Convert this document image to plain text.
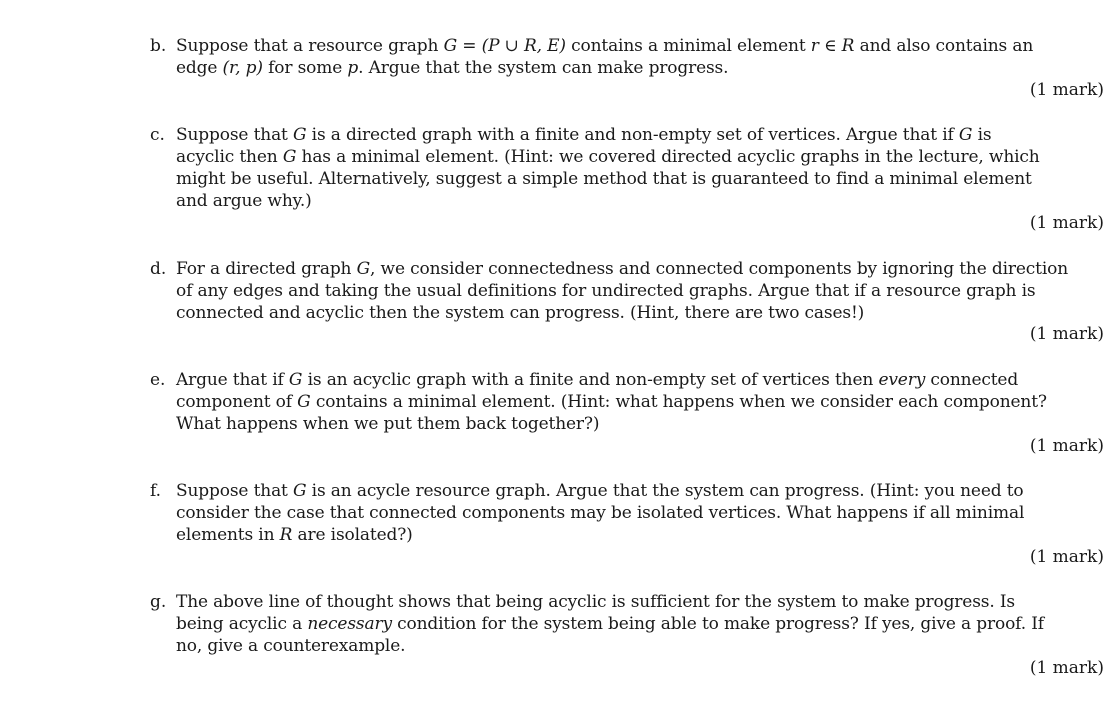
b. Suppose that a resource graph G = (P ∪ R, E) contains a minimal element r ∈ R and also contains an
edge (r, p) for some p. Argue that the system can make progress.
(1 mark)
c. Suppose that G is a directed graph with a finite and non-empty set of vertices. Argue that if G is
acyclic then G has a minimal element. (Hint: we covered directed acyclic graphs in the lecture, which
might be useful. Alternatively, suggest a simple method that is guaranteed to find a minimal element
and argue why.)
(1 mark)
d. For a directed graph G, we consider connectedness and connected components by ignoring the direction
of any edges and taking the usual definitions for undirected graphs. Argue that if a resource graph is
connected and acyclic then the system can progress. (Hint, there are two cases!)
(1 mark)
e. Argue that if G is an acyclic graph with a finite and non-empty set of vertices then every connected
component of G contains a minimal element. (Hint: what happens when we consider each component?
What happens when we put them back together?)
(1 mark)
f. Suppose that G is an acycle resource graph. Argue that the system can progress. (Hint: you need to
consider the case that connected components may be isolated vertices. What happens if all minimal
elements in R are isolated?)
(1 mark)
g. The above line of thought shows that being acyclic is sufficient for the system to make progress. Is
being acyclic a necessary condition for the system being able to make progress? If yes, give a proof. If
no, give a counterexample.
(1 mark)
